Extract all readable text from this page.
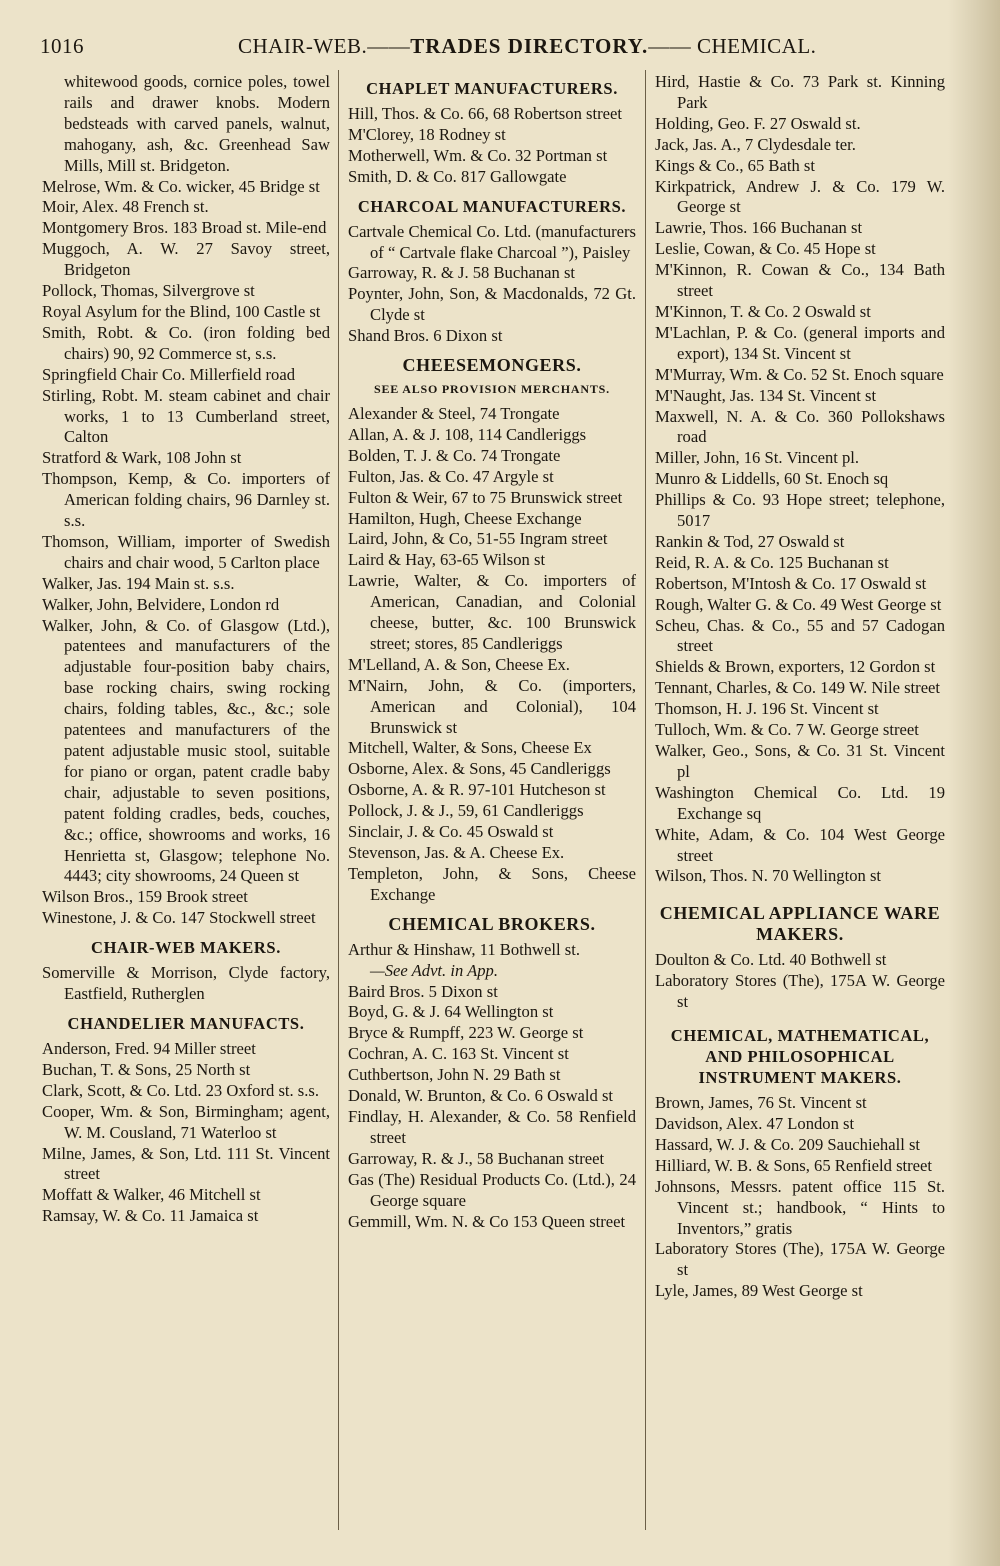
1016	CHAIR-WEB.——TRADES DIRECTORY.—— CHEMICAL.
whitewood goods, cornice poles, towel rails and drawer knobs. Modern bedsteads with carved panels, walnut, mahogany, ash, &c. Greenhead Saw Mills, Mill st. Bridgeton.
Melrose, Wm. & Co. wicker, 45 Bridge st
Moir, Alex. 48 French st.
Montgomery Bros. 183 Broad st. Mile-end
Muggoch, A. W. 27 Savoy street, Bridgeton
Pollock, Thomas, Silvergrove st
Royal Asylum for the Blind, 100 Castle st
Smith, Robt. & Co. (iron folding bed chairs) 90, 92 Commerce st, s.s.
Springfield Chair Co. Millerfield road
Stirling, Robt. M. steam cabinet and chair works, 1 to 13 Cumberland street, Calton
Stratford & Wark, 108 John st
Thompson, Kemp, & Co. importers of American folding chairs, 96 Darnley st. s.s.
Thomson, William, importer of Swedish chairs and chair wood, 5 Carlton place
Walker, Jas. 194 Main st. s.s.
Walker, John, Belvidere, London rd
Walker, John, & Co. of Glasgow (Ltd.), patentees and manufacturers of the adjustable four-position baby chairs, base rocking chairs, swing rocking chairs, folding tables, &c., &c.; sole patentees and manufacturers of the patent adjustable music stool, suitable for piano or organ, patent cradle baby chair, adjustable to seven positions, patent folding cradles, beds, couches, &c.; office, showrooms and works, 16 Henrietta st, Glasgow; telephone No. 4443; city showrooms, 24 Queen st
Wilson Bros., 159 Brook street
Winestone, J. & Co. 147 Stockwell street
CHAIR-WEB MAKERS.
Somerville & Morrison, Clyde factory, Eastfield, Rutherglen
CHANDELIER MANUFACTS.
Anderson, Fred. 94 Miller street
Buchan, T. & Sons, 25 North st
Clark, Scott, & Co. Ltd. 23 Oxford st. s.s.
Cooper, Wm. & Son, Birmingham; agent, W. M. Cousland, 71 Waterloo st
Milne, James, & Son, Ltd. 111 St. Vincent street
Moffatt & Walker, 46 Mitchell st
Ramsay, W. & Co. 11 Jamaica st
CHAPLET MANUFACTURERS.
Hill, Thos. & Co. 66, 68 Robertson street
M'Clorey, 18 Rodney st
Motherwell, Wm. & Co. 32 Portman st
Smith, D. & Co. 817 Gallowgate
CHARCOAL MANUFACTURERS.
Cartvale Chemical Co. Ltd. (manufacturers of “ Cartvale flake Charcoal ”), Paisley
Garroway, R. & J. 58 Buchanan st
Poynter, John, Son, & Macdonalds, 72 Gt. Clyde st
Shand Bros. 6 Dixon st
CHEESEMONGERS.
SEE ALSO PROVISION MERCHANTS.
Alexander & Steel, 74 Trongate
Allan, A. & J. 108, 114 Candleriggs
Bolden, T. J. & Co. 74 Trongate
Fulton, Jas. & Co. 47 Argyle st
Fulton & Weir, 67 to 75 Brunswick street
Hamilton, Hugh, Cheese Exchange
Laird, John, & Co, 51-55 Ingram street
Laird & Hay, 63-65 Wilson st
Lawrie, Walter, & Co. importers of American, Canadian, and Colonial cheese, butter, &c. 100 Brunswick street; stores, 85 Candleriggs
M'Lelland, A. & Son, Cheese Ex.
M'Nairn, John, & Co. (importers, American and Colonial), 104 Brunswick st
Mitchell, Walter, & Sons, Cheese Ex
Osborne, Alex. & Sons, 45 Candleriggs
Osborne, A. & R. 97-101 Hutcheson st
Pollock, J. & J., 59, 61 Candleriggs
Sinclair, J. & Co. 45 Oswald st
Stevenson, Jas. & A. Cheese Ex.
Templeton, John, & Sons, Cheese Exchange
CHEMICAL BROKERS.
Arthur & Hinshaw, 11 Bothwell st.
—See Advt. in App.
Baird Bros. 5 Dixon st
Boyd, G. & J. 64 Wellington st
Bryce & Rumpff, 223 W. George st
Cochran, A. C. 163 St. Vincent st
Cuthbertson, John N. 29 Bath st
Donald, W. Brunton, & Co. 6 Oswald st
Findlay, H. Alexander, & Co. 58 Renfield street
Garroway, R. & J., 58 Buchanan street
Gas (The) Residual Products Co. (Ltd.), 24 George square
Gemmill, Wm. N. & Co 153 Queen street
Hird, Hastie & Co. 73 Park st. Kinning Park
Holding, Geo. F. 27 Oswald st.
Jack, Jas. A., 7 Clydesdale ter.
Kings & Co., 65 Bath st
Kirkpatrick, Andrew J. & Co. 179 W. George st
Lawrie, Thos. 166 Buchanan st
Leslie, Cowan, & Co. 45 Hope st
M'Kinnon, R. Cowan & Co., 134 Bath street
M'Kinnon, T. & Co. 2 Oswald st
M'Lachlan, P. & Co. (general imports and export), 134 St. Vincent st
M'Murray, Wm. & Co. 52 St. Enoch square
M'Naught, Jas. 134 St. Vincent st
Maxwell, N. A. & Co. 360 Pollokshaws road
Miller, John, 16 St. Vincent pl.
Munro & Liddells, 60 St. Enoch sq
Phillips & Co. 93 Hope street; telephone, 5017
Rankin & Tod, 27 Oswald st
Reid, R. A. & Co. 125 Buchanan st
Robertson, M'Intosh & Co. 17 Oswald st
Rough, Walter G. & Co. 49 West George st
Scheu, Chas. & Co., 55 and 57 Cadogan street
Shields & Brown, exporters, 12 Gordon st
Tennant, Charles, & Co. 149 W. Nile street
Thomson, H. J. 196 St. Vincent st
Tulloch, Wm. & Co. 7 W. George street
Walker, Geo., Sons, & Co. 31 St. Vincent pl
Washington Chemical Co. Ltd. 19 Exchange sq
White, Adam, & Co. 104 West George street
Wilson, Thos. N. 70 Wellington st
CHEMICAL APPLIANCE WARE MAKERS.
Doulton & Co. Ltd. 40 Bothwell st
Laboratory Stores (The), 175A W. George st
CHEMICAL, MATHEMATICAL, AND PHILOSOPHICAL INSTRUMENT MAKERS.
Brown, James, 76 St. Vincent st
Davidson, Alex. 47 London st
Hassard, W. J. & Co. 209 Sauchiehall st
Hilliard, W. B. & Sons, 65 Renfield street
Johnsons, Messrs. patent office 115 St. Vincent st.; handbook, “ Hints to Inventors,” gratis
Laboratory Stores (The), 175A W. George st
Lyle, James, 89 West George st
